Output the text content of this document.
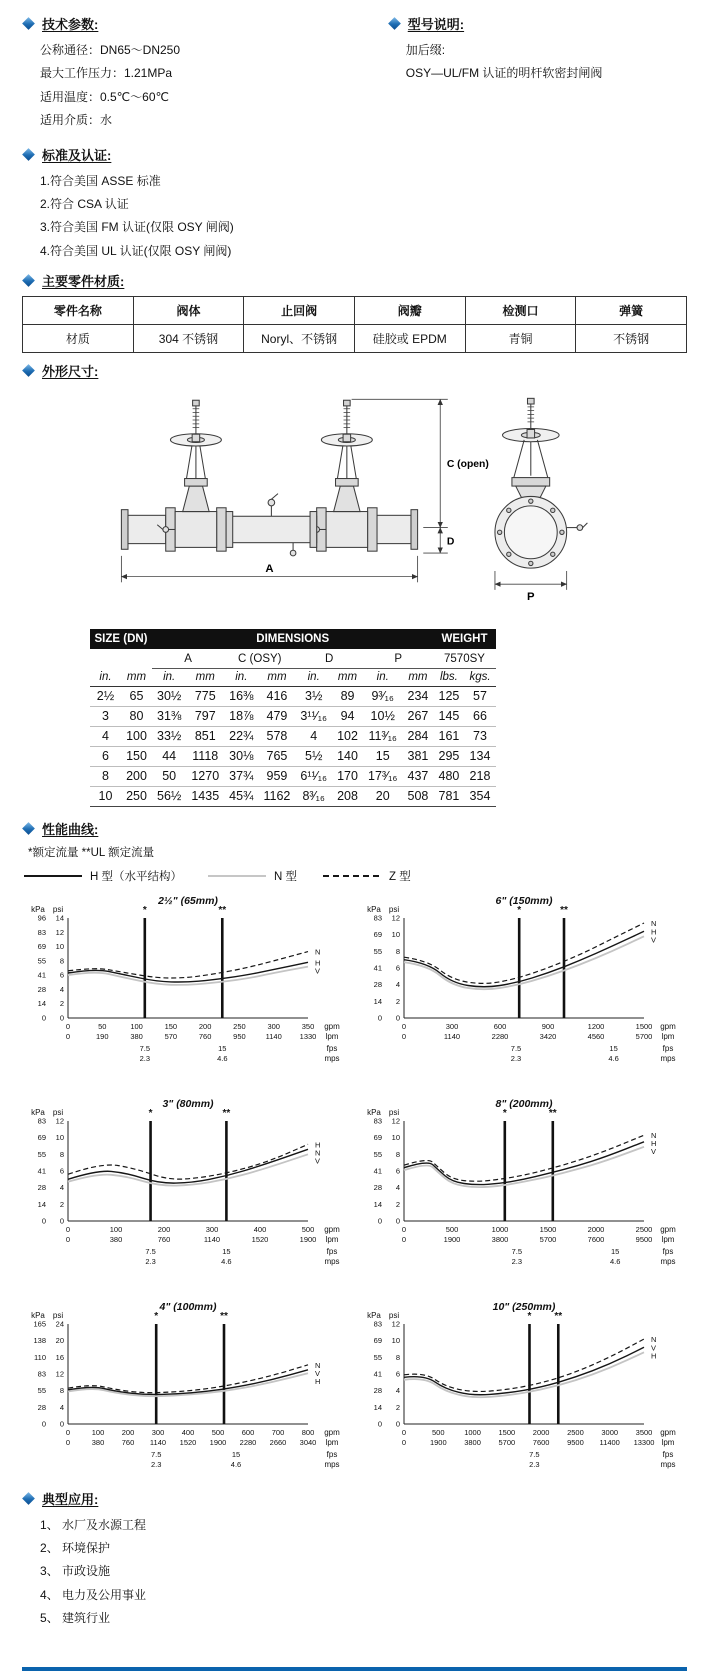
技术参数:
公称通径：DN65～DN250
最大工作压力：1.21MPa
适用温度：0.5℃～60℃
适用介质：水
型号说明:
加后缀:
OSY—UL/FM 认证的明杆软密封闸阀
标准及认证:
1.符合美国 ASSE 标准
2.符合 CSA 认证
3.符合美国 FM 认证(仅限 OSY 闸阀)
4.符合美国 UL 认证(仅限 OSY 闸阀)
主要零件材质:
零件名称	阀体	止回阀	阀瓣	检测口	弹簧
材质	304 不锈钢	Noryl、不锈钢	硅胶或 EPDM	青铜	不锈钢
外形尺寸:
A
C (open)
D
P
SIZE (DN)		DIMENSIONS								WEIGHT	
		A		C (OSY)		D		P		7570SY	
in.	mm	in.	mm	in.	mm	in.	mm	in.	mm	lbs.	kgs.
2½	65	30½	775	16⅜	416	3½	89	9³⁄₁₆	234	125	57
3	80	31⅜	797	18⅞	479	3¹¹⁄₁₆	94	10½	267	145	66
4	100	33½	851	22¾	578	4	102	11³⁄₁₆	284	161	73
6	150	44	1118	30⅛	765	5½	140	15	381	295	134
8	200	50	1270	37¾	959	6¹¹⁄₁₆	170	17³⁄₁₆	437	480	218
10	250	56½	1435	45¾	1162	8³⁄₁₆	208	20	508	781	354
性能曲线:
*额定流量 **UL 额定流量
H 型（水平结构）	N 型	Z 型
2½" (65mm)
kPa psi
96 14
83 12
69 10
55 8
41 6
28 4
14 2
0 0
0
0
50
190
100
380
150
570
200
760
250
950
300
1140
350
1330
7.5	15
2.3	4.6
gpm
lpm
fps
mps
*	**
N
H
V
6" (150mm)
kPa psi
83 12
69 10
55 8
41 6
28 4
14 2
0 0
0
0
300
1140
600
2280
900
3420
1200
4560
1500
5700
7.5	15
2.3	4.6
gpm
lpm
fps
mps
*	**
N
H
V
3" (80mm)
kPa psi
83 12
69 10
55 8
41 6
28 4
14 2
0 0
0
0
100
380
200
760
300
1140
400
1520
500
1900
7.5	15
2.3	4.6
gpm
lpm
fps
mps
*	**
H
N
V
8" (200mm)
kPa psi
83 12
69 10
55 8
41 6
28 4
14 2
0 0
0
0
500
1900
1000
3800
1500
5700
2000
7600
2500
9500
7.5	15
2.3	4.6
gpm
lpm
fps
mps
*	**
N
H
V
4" (100mm)
kPa psi
165 24
138 20
110 16
83 12
55 8
28 4
0 0
0
0
100
380
200
760
300
1140
400
1520
500
1900
600
2280
700
2660
800
3040
7.5	15
2.3	4.6
gpm
lpm
fps
mps
*	**
N
V
H
10" (250mm)
kPa psi
83 12
69 10
55 8
41 6
28 4
14 2
0 0
0
0
500
1900
1000
3800
1500
5700
2000
7600
2500
9500
3000
11400
3500
13300
7.5
2.3
gpm
lpm
fps
mps
* **
N
V
H
典型应用:
1、 水厂及水源工程
2、 环境保护
3、 市政设施
4、 电力及公用事业
5、 建筑行业
